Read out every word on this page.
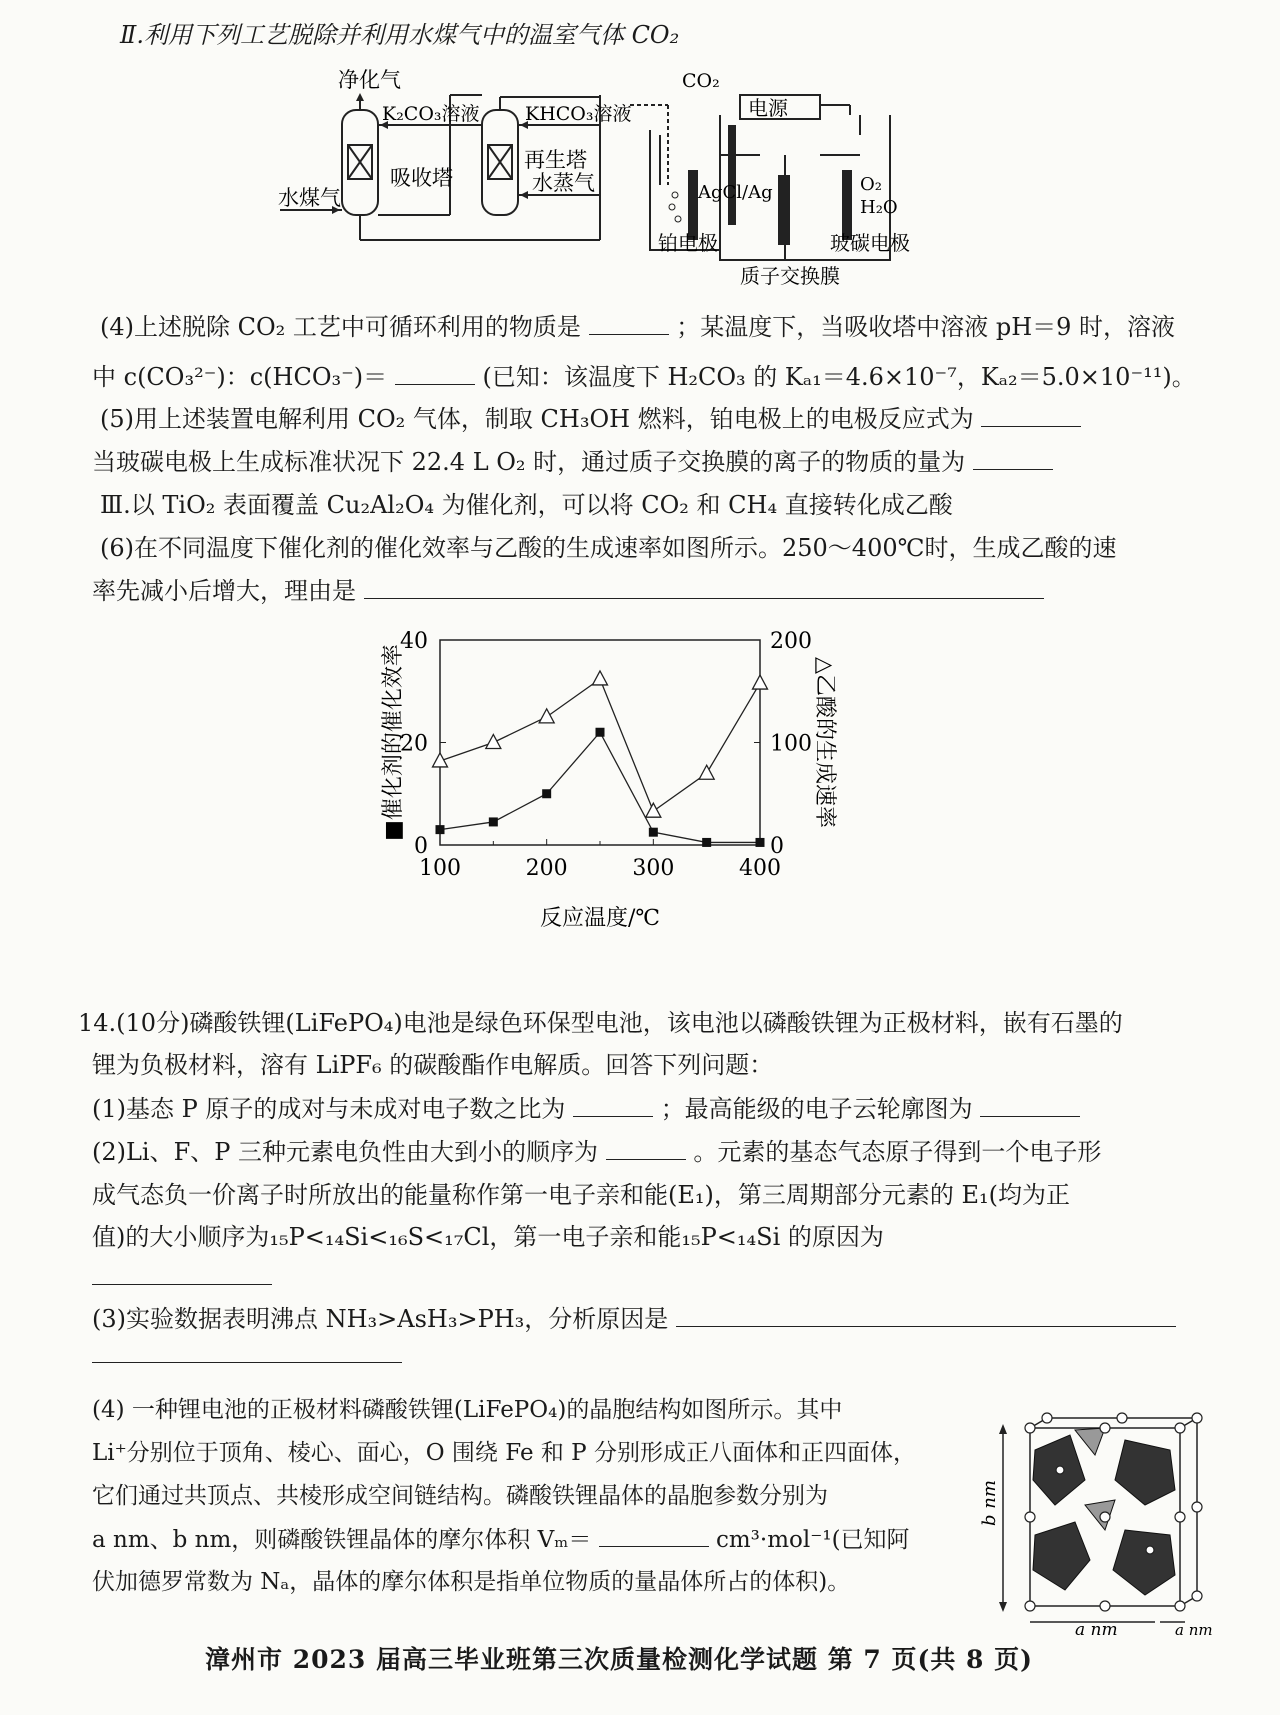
Ⅱ.利用下列工艺脱除并利用水煤气中的温室气体 CO₂
净化气
K₂CO₃溶液 KHCO₃溶液
吸收塔
再生塔
水煤气
水蒸气
CO₂
电源
AgCl/Ag	O₂
H₂O
铂电极	玻碳电极
质子交换膜
(4)上述脱除 CO₂ 工艺中可循环利用的物质是	；某温度下，当吸收塔中溶液 pH＝9 时，溶液
中 c(CO₃²⁻)：c(HCO₃⁻)＝	(已知：该温度下 H₂CO₃ 的 Kₐ₁＝4.6×10⁻⁷，Kₐ₂＝5.0×10⁻¹¹)。
(5)用上述装置电解利用 CO₂ 气体，制取 CH₃OH 燃料，铂电极上的电极反应式为
当玻碳电极上生成标准状况下 22.4 L O₂ 时，通过质子交换膜的离子的物质的量为
Ⅲ.以 TiO₂ 表面覆盖 Cu₂Al₂O₄ 为催化剂，可以将 CO₂ 和 CH₄ 直接转化成乙酸
(6)在不同温度下催化剂的催化效率与乙酸的生成速率如图所示。250～400℃时，生成乙酸的速
率先减小后增大，理由是
100	200	300	400
0
20
40
0
100
200
反应温度/℃
■催化剂的催化效率	△乙酸的生成速率
14.(10分)磷酸铁锂(LiFePO₄)电池是绿色环保型电池，该电池以磷酸铁锂为正极材料，嵌有石墨的
锂为负极材料，溶有 LiPF₆ 的碳酸酯作电解质。回答下列问题：
(1)基态 P 原子的成对与未成对电子数之比为	；最高能级的电子云轮廓图为
(2)Li、F、P 三种元素电负性由大到小的顺序为	。元素的基态气态原子得到一个电子形
成气态负一价离子时所放出的能量称作第一电子亲和能(E₁)，第三周期部分元素的 E₁(均为正
值)的大小顺序为₁₅P<₁₄Si<₁₆S<₁₇Cl，第一电子亲和能₁₅P<₁₄Si 的原因为
(3)实验数据表明沸点 NH₃>AsH₃>PH₃，分析原因是
(4) 一种锂电池的正极材料磷酸铁锂(LiFePO₄)的晶胞结构如图所示。其中
Li⁺分别位于顶角、棱心、面心，O 围绕 Fe 和 P 分别形成正八面体和正四面体，
它们通过共顶点、共棱形成空间链结构。磷酸铁锂晶体的晶胞参数分别为
a nm、b nm，则磷酸铁锂晶体的摩尔体积 Vₘ＝	cm³·mol⁻¹(已知阿
伏加德罗常数为 Nₐ，晶体的摩尔体积是指单位物质的量晶体所占的体积)。
b nm
a nm	a nm
漳州市 2023 届高三毕业班第三次质量检测化学试题 第 7 页(共 8 页)
